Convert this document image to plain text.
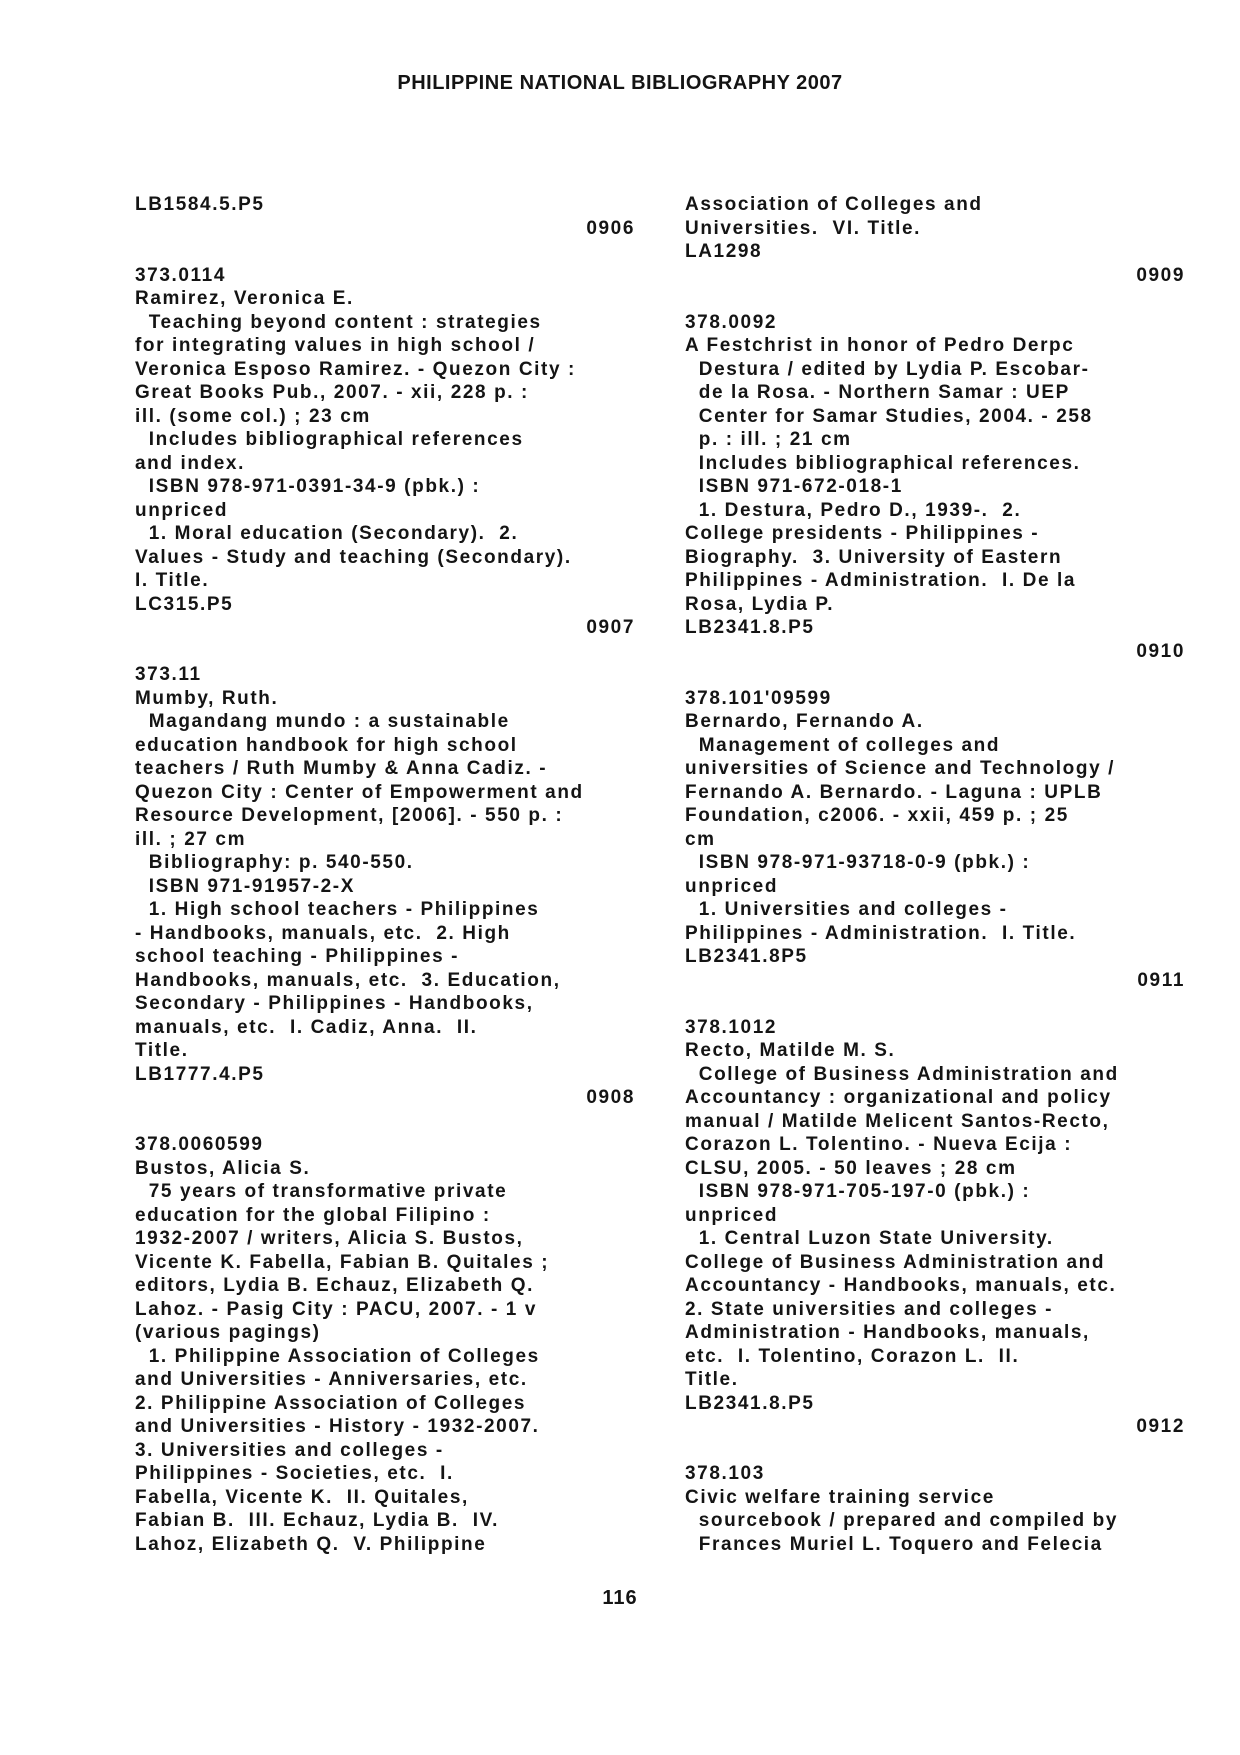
PHILIPPINE NATIONAL BIBLIOGRAPHY 2007
LB1584.5.P5
0906
373.0114
Ramirez, Veronica E.
Teaching beyond content : strategies
for integrating values in high school /
Veronica Esposo Ramirez. - Quezon City :
Great Books Pub., 2007. - xii, 228 p. :
ill. (some col.) ; 23 cm
Includes bibliographical references
and index.
ISBN 978-971-0391-34-9 (pbk.) :
unpriced
1. Moral education (Secondary).  2.
Values - Study and teaching (Secondary).
I. Title.
LC315.P5
0907
373.11
Mumby, Ruth.
Magandang mundo : a sustainable
education handbook for high school
teachers / Ruth Mumby & Anna Cadiz. -
Quezon City : Center of Empowerment and
Resource Development, [2006]. - 550 p. :
ill. ; 27 cm
Bibliography: p. 540-550.
ISBN 971-91957-2-X
1. High school teachers - Philippines
- Handbooks, manuals, etc.  2. High
school teaching - Philippines -
Handbooks, manuals, etc.  3. Education,
Secondary - Philippines - Handbooks,
manuals, etc.  I. Cadiz, Anna.  II.
Title.
LB1777.4.P5
0908
378.0060599
Bustos, Alicia S.
75 years of transformative private
education for the global Filipino :
1932-2007 / writers, Alicia S. Bustos,
Vicente K. Fabella, Fabian B. Quitales ;
editors, Lydia B. Echauz, Elizabeth Q.
Lahoz. - Pasig City : PACU, 2007. - 1 v
(various pagings)
1. Philippine Association of Colleges
and Universities - Anniversaries, etc.
2. Philippine Association of Colleges
and Universities - History - 1932-2007.
3. Universities and colleges -
Philippines - Societies, etc.  I.
Fabella, Vicente K.  II. Quitales,
Fabian B.  III. Echauz, Lydia B.  IV.
Lahoz, Elizabeth Q.  V. Philippine
Association of Colleges and
Universities.  VI. Title.
LA1298
0909
378.0092
A Festchrist in honor of Pedro Derpc
Destura / edited by Lydia P. Escobar-
de la Rosa. - Northern Samar : UEP
Center for Samar Studies, 2004. - 258
p. : ill. ; 21 cm
Includes bibliographical references.
ISBN 971-672-018-1
1. Destura, Pedro D., 1939-.  2.
College presidents - Philippines -
Biography.  3. University of Eastern
Philippines - Administration.  I. De la
Rosa, Lydia P.
LB2341.8.P5
0910
378.101'09599
Bernardo, Fernando A.
Management of colleges and
universities of Science and Technology /
Fernando A. Bernardo. - Laguna : UPLB
Foundation, c2006. - xxii, 459 p. ; 25
cm
ISBN 978-971-93718-0-9 (pbk.) :
unpriced
1. Universities and colleges -
Philippines - Administration.  I. Title.
LB2341.8P5
0911
378.1012
Recto, Matilde M. S.
College of Business Administration and
Accountancy : organizational and policy
manual / Matilde Melicent Santos-Recto,
Corazon L. Tolentino. - Nueva Ecija :
CLSU, 2005. - 50 leaves ; 28 cm
ISBN 978-971-705-197-0 (pbk.) :
unpriced
1. Central Luzon State University.
College of Business Administration and
Accountancy - Handbooks, manuals, etc.
2. State universities and colleges -
Administration - Handbooks, manuals,
etc.  I. Tolentino, Corazon L.  II.
Title.
LB2341.8.P5
0912
378.103
Civic welfare training service
sourcebook / prepared and compiled by
Frances Muriel L. Toquero and Felecia
116
